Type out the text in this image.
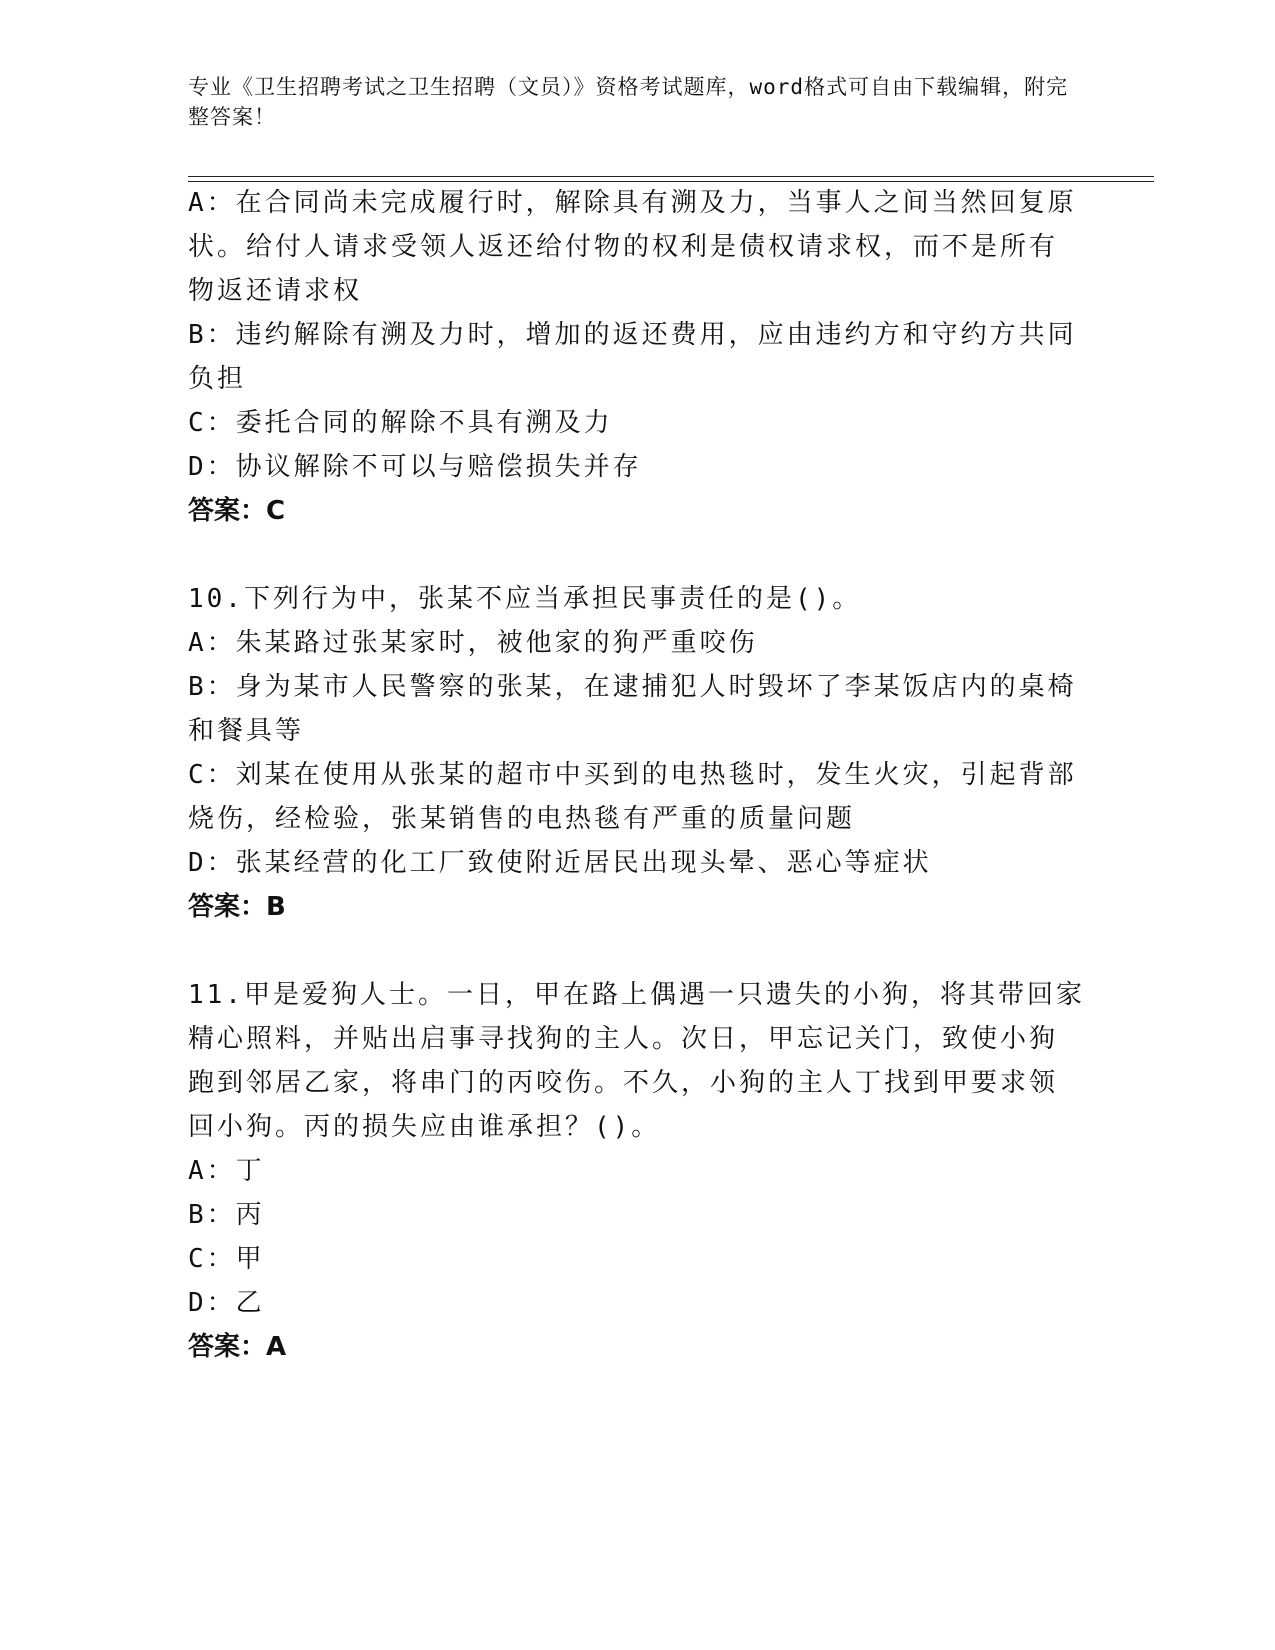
专业《卫生招聘考试之卫生招聘（文员）》资格考试题库，word格式可自由下载编辑，附完整答案！
A：在合同尚未完成履行时，解除具有溯及力，当事人之间当然回复原
状。给付人请求受领人返还给付物的权利是债权请求权，而不是所有
物返还请求权
B：违约解除有溯及力时，增加的返还费用，应由违约方和守约方共同
负担
C：委托合同的解除不具有溯及力
D：协议解除不可以与赔偿损失并存
答案：C
10.下列行为中，张某不应当承担民事责任的是()。
A：朱某路过张某家时，被他家的狗严重咬伤
B：身为某市人民警察的张某，在逮捕犯人时毁坏了李某饭店内的桌椅
和餐具等
C：刘某在使用从张某的超市中买到的电热毯时，发生火灾，引起背部
烧伤，经检验，张某销售的电热毯有严重的质量问题
D：张某经营的化工厂致使附近居民出现头晕、恶心等症状
答案：B
11.甲是爱狗人士。一日，甲在路上偶遇一只遗失的小狗，将其带回家
精心照料，并贴出启事寻找狗的主人。次日，甲忘记关门，致使小狗
跑到邻居乙家，将串门的丙咬伤。不久，小狗的主人丁找到甲要求领
回小狗。丙的损失应由谁承担？()。
A：丁
B：丙
C：甲
D：乙
答案：A
